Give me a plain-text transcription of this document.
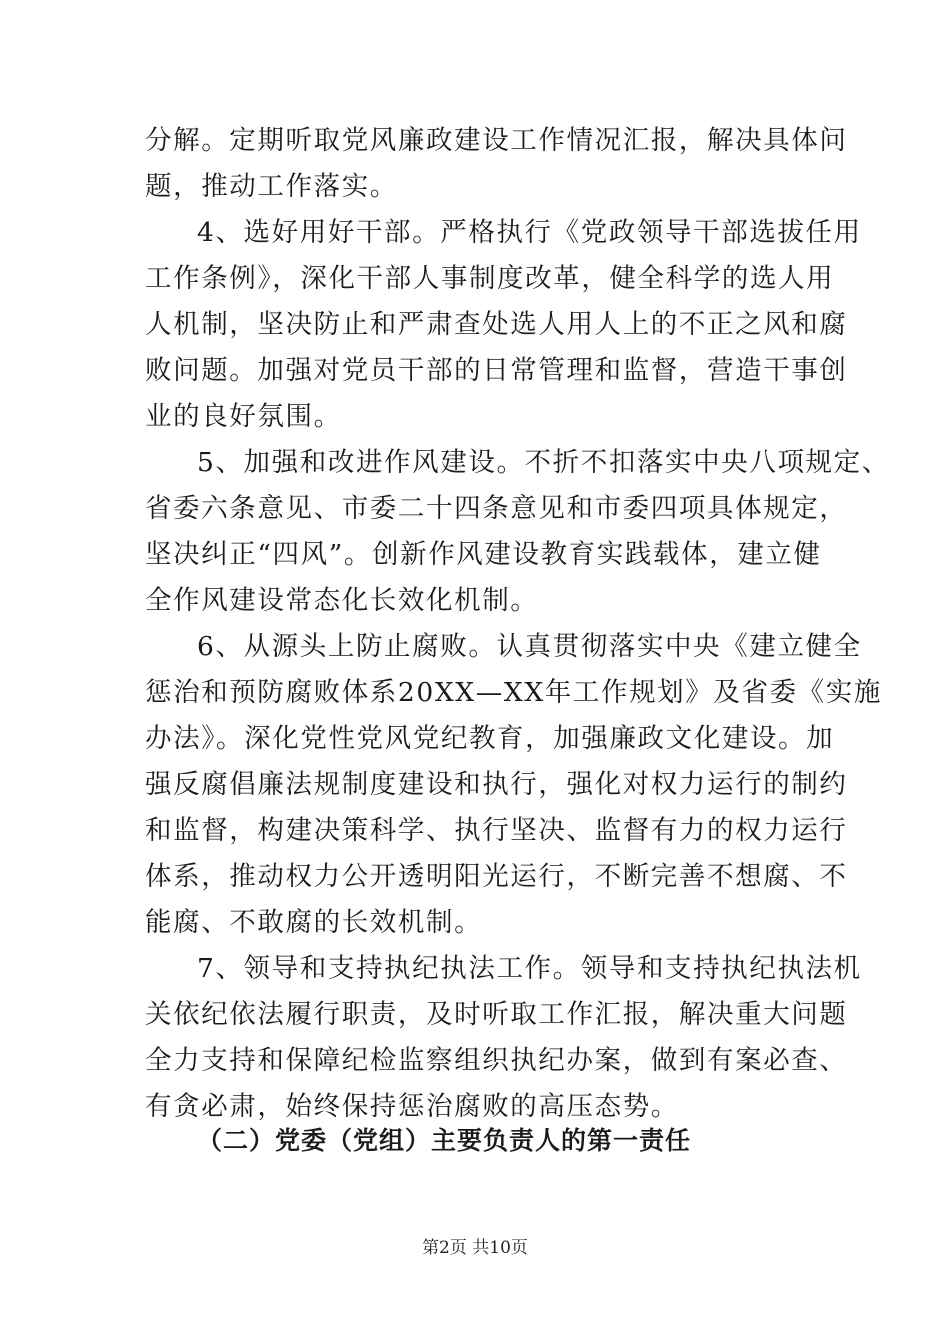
分解。定期听取党风廉政建设工作情况汇报，解决具体问
题，推动工作落实。
4、选好用好干部。严格执行《党政领导干部选拔任用
工作条例》，深化干部人事制度改革，健全科学的选人用
人机制，坚决防止和严肃查处选人用人上的不正之风和腐
败问题。加强对党员干部的日常管理和监督，营造干事创
业的良好氛围。
5、加强和改进作风建设。不折不扣落实中央八项规定、
省委六条意见、市委二十四条意见和市委四项具体规定，
坚决纠正“四风”。创新作风建设教育实践载体，建立健
全作风建设常态化长效化机制。
6、从源头上防止腐败。认真贯彻落实中央《建立健全
惩治和预防腐败体系20XX—XX年工作规划》及省委《实施
办法》。深化党性党风党纪教育，加强廉政文化建设。加
强反腐倡廉法规制度建设和执行，强化对权力运行的制约
和监督，构建决策科学、执行坚决、监督有力的权力运行
体系，推动权力公开透明阳光运行，不断完善不想腐、不
能腐、不敢腐的长效机制。
7、领导和支持执纪执法工作。领导和支持执纪执法机
关依纪依法履行职责，及时听取工作汇报，解决重大问题
全力支持和保障纪检监察组织执纪办案，做到有案必查、
有贪必肃，始终保持惩治腐败的高压态势。
（二）党委（党组）主要负责人的第一责任
第2页 共10页
